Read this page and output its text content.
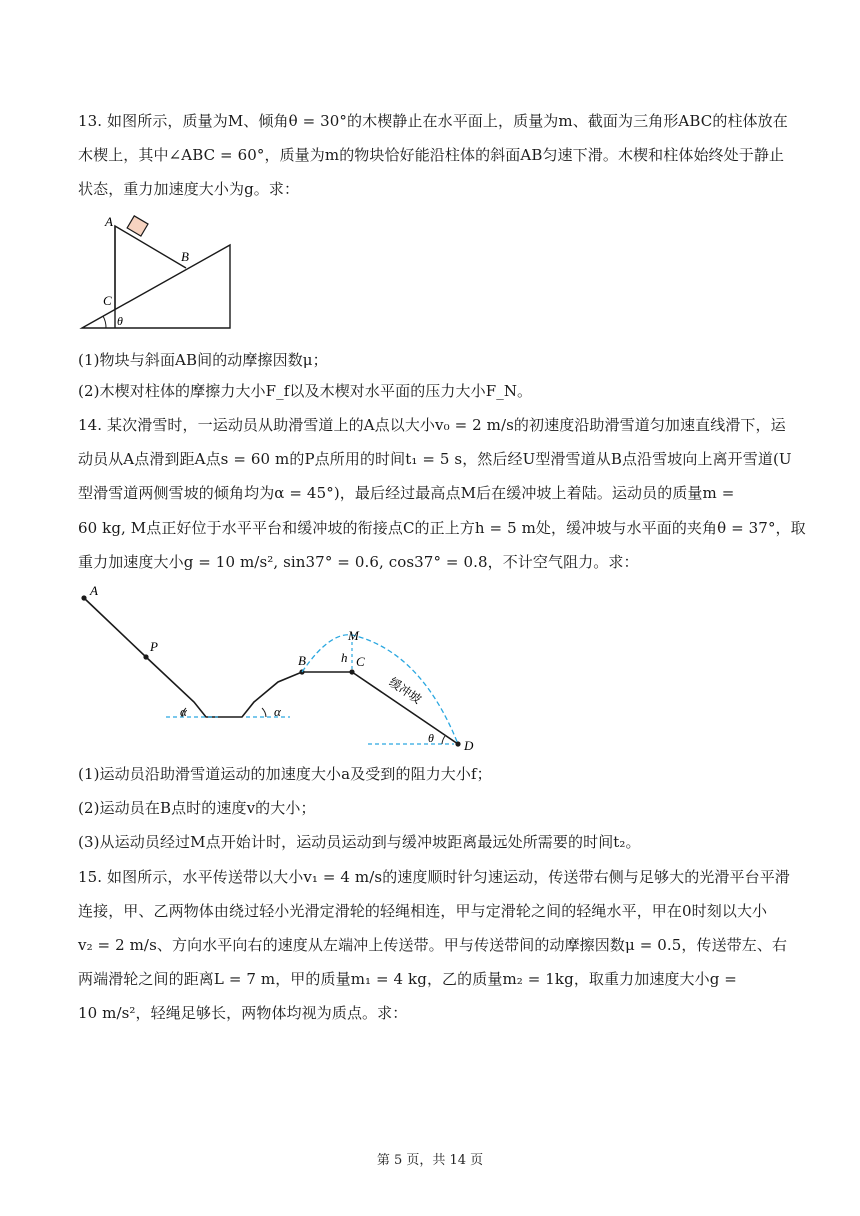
13. 如图所示，质量为M、倾角θ = 30°的木楔静止在水平面上，质量为m、截面为三角形ABC的柱体放在
木楔上，其中∠ABC = 60°，质量为m的物块恰好能沿柱体的斜面AB匀速下滑。木楔和柱体始终处于静止
状态，重力加速度大小为g。求：
A
B
C
θ
(1)物块与斜面AB间的动摩擦因数μ；
(2)木楔对柱体的摩擦力大小F_f以及木楔对水平面的压力大小F_N。
14. 某次滑雪时，一运动员从助滑雪道上的A点以大小v₀ = 2 m/s的初速度沿助滑雪道匀加速直线滑下，运
动员从A点滑到距A点s = 60 m的P点所用的时间t₁ = 5 s，然后经U型滑雪道从B点沿雪坡向上离开雪道(U
型滑雪道两侧雪坡的倾角均为α = 45°)，最后经过最高点M后在缓冲坡上着陆。运动员的质量m =
60 kg, M点正好位于水平平台和缓冲坡的衔接点C的正上方h = 5 m处，缓冲坡与水平面的夹角θ = 37°，取
重力加速度大小g = 10 m/s², sin37° = 0.6, cos37° = 0.8，不计空气阻力。求：
A
P
B
M
h C
D
α	α
θ
缓冲坡
(1)运动员沿助滑雪道运动的加速度大小a及受到的阻力大小f；
(2)运动员在B点时的速度v的大小；
(3)从运动员经过M点开始计时，运动员运动到与缓冲坡距离最远处所需要的时间t₂。
15. 如图所示，水平传送带以大小v₁ = 4 m/s的速度顺时针匀速运动，传送带右侧与足够大的光滑平台平滑
连接，甲、乙两物体由绕过轻小光滑定滑轮的轻绳相连，甲与定滑轮之间的轻绳水平，甲在0时刻以大小
v₂ = 2 m/s、方向水平向右的速度从左端冲上传送带。甲与传送带间的动摩擦因数μ = 0.5，传送带左、右
两端滑轮之间的距离L = 7 m，甲的质量m₁ = 4 kg，乙的质量m₂ = 1kg，取重力加速度大小g =
10 m/s²，轻绳足够长，两物体均视为质点。求：
第 5 页，共 14 页
